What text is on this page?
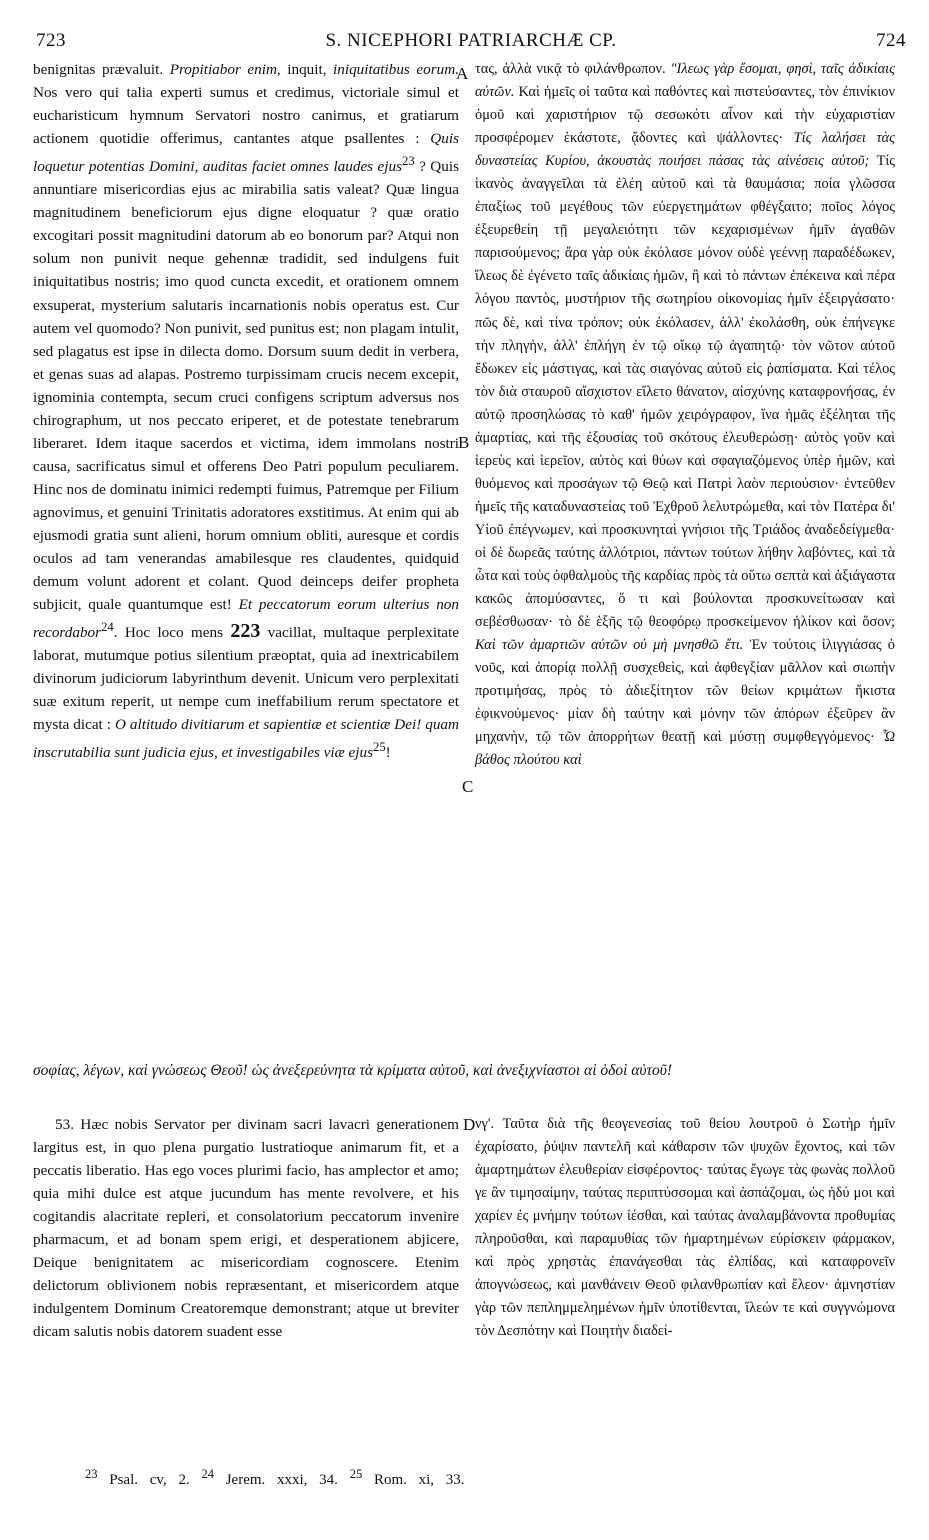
723	S. NICEPHORI PATRIARCHÆ CP.	724

benignitas prævaluit. Propitiabor enim, inquit, iniquitatibus eorum. Nos vero qui talia experti sumus et credimus, victoriale simul et eucharisticum hymnum Servatori nostro canimus, et gratiarum actionem quotidie offerimus, cantantes atque psallentes : Quis loquetur potentias Domini, auditas faciet omnes laudes ejus$^{23}$ ? Quis annuntiare misericordias ejus ac mirabilia satis valeat? Quæ lingua magnitudinem beneficiorum ejus digne eloquatur ? quæ oratio excogitari possit magnitudini datorum ab eo bonorum par? Atqui non solum non punivit neque gehennæ tradidit, sed indulgens fuit iniquitatibus nostris; imo quod cuncta excedit, et orationem omnem exsuperat, mysterium salutaris incarnationis nobis operatus est. Cur autem vel quomodo? Non punivit, sed punitus est; non plagam intulit, sed plagatus est ipse in dilecta domo. Dorsum suum dedit in verbera, et genas suas ad alapas. Postremo turpissimam crucis necem excepit, ignominia contempta, secum cruci configens scriptum adversus nos chirographum, ut nos peccato eriperet, et de potestate tenebrarum liberaret. Idem itaque sacerdos et victima, idem immolans nostri causa, sacrificatus simul et offerens Deo Patri populum peculiarem. Hinc nos de dominatu inimici redempti fuimus, Patremque per Filium agnovimus, et genuini Trinitatis adoratores exstitimus. At enim qui ab ejusmodi gratia sunt alieni, horum omnium obliti, auresque et cordis oculos ad tam venerandas amabilesque res claudentes, quidquid demum volunt adorent et colant. Quod deinceps deifer propheta subjicit, quale quantumque est! Et peccatorum eorum ulterius non recordabor$^{24}$. Hoc loco mens 223 vacillat, multaque perplexitate laborat, mutumque potius silentium præoptat, quia ad inextricabilem divinorum judiciorum labyrinthum devenit. Unicum vero perplexitati suæ exitum reperit, ut nempe cum ineffabilium rerum spectatore et mysta dicat : O altitudo divitiarum et sapientiæ et scientiæ Dei! quam inscrutabilia sunt judicia ejus, et investigabiles viæ ejus$^{25}$!

A
B
C
D

τας, ἀλλὰ νικᾷ τὸ φιλάνθρωπον. "Ιλεως γὰρ ἔσομαι, φησὶ, ταῖς ἀδικίαις αὐτῶν. Καὶ ἡμεῖς οἱ ταῦτα καὶ παθόντες καὶ πιστεύσαντες, τὸν ἐπινίκιον ὁμοῦ καὶ χαριστήριον τῷ σεσωκότι αἶνον καὶ τὴν εὐχαριστίαν προσφέρομεν ἑκάστοτε, ᾄδοντες καὶ ψάλλοντες· Τίς λαλήσει τὰς δυναστείας Κυρίου, ἀκουστὰς ποιήσει πάσας τὰς αἰνέσεις αὐτοῦ; Τίς ἱκανὸς ἀναγγεῖλαι τὰ ἐλέη αὐτοῦ καὶ τὰ θαυμάσια; ποία γλῶσσα ἐπαξίως τοῦ μεγέθους τῶν εὐεργετημάτων φθέγξαιτο; ποῖος λόγος ἐξευρεθείη τῇ μεγαλειότητι τῶν κεχαρισμένων ἡμῖν ἀγαθῶν παρισούμενος; ἄρα γὰρ οὐκ ἐκόλασε μόνον οὐδὲ γεέννῃ παραδέδωκεν, ἵλεως δὲ ἐγένετο ταῖς ἀδικίαις ἡμῶν, ἢ καὶ τὸ πάντων ἐπέκεινα καὶ πέρα λόγου παντὸς, μυστήριον τῆς σωτηρίου οἰκονομίας ἡμῖν ἐξειργάσατο· πῶς δὲ, καὶ τίνα τρόπον; οὐκ ἐκόλασεν, ἀλλ' ἐκολάσθη, οὐκ ἐπήνεγκε τὴν πληγὴν, ἀλλ' ἐπλήγη ἐν τῷ οἴκῳ τῷ ἀγαπητῷ· τὸν νῶτον αὐτοῦ ἔδωκεν εἰς μάστιγας, καὶ τὰς σιαγόνας αὐτοῦ εἰς ῥαπίσματα. Καὶ τέλος τὸν διὰ σταυροῦ αἴσχιστον εἵλετο θάνατον, αἰσχύνης καταφρονήσας, ἐν αὐτῷ προσηλώσας τὸ καθ' ἡμῶν χειρόγραφον, ἵνα ἡμᾶς ἐξέληται τῆς ἁμαρτίας, καὶ τῆς ἐξουσίας τοῦ σκότους ἐλευθερώσῃ· αὐτὸς γοῦν καὶ ἱερεὺς καὶ ἱερεῖον, αὐτὸς καὶ θύων καὶ σφαγιαζόμενος ὑπὲρ ἡμῶν, καὶ θυόμενος καὶ προσάγων τῷ Θεῷ καὶ Πατρὶ λαὸν περιούσιον· ἐντεῦθεν ἡμεῖς τῆς καταδυναστείας τοῦ Ἐχθροῦ λελυτρώμεθα, καὶ τὸν Πατέρα δι' Υἱοῦ ἐπέγνωμεν, καὶ προσκυνηταὶ γνήσιοι τῆς Τριάδος ἀναδεδείγμεθα· οἱ δὲ δωρεᾶς ταύτης ἀλλότριοι, πάντων τούτων λήθην λαβόντες, καὶ τὰ ὦτα καὶ τοὺς ὀφθαλμοὺς τῆς καρδίας πρὸς τὰ οὕτω σεπτὰ καὶ ἀξιάγαστα κακῶς ἀπομύσαντες, ὅ τι καὶ βούλονται προσκυνείτωσαν καὶ σεβέσθωσαν· τὸ δὲ ἑξῆς τῷ θεοφόρῳ προσκείμενον ἡλίκον καὶ ὅσον; Καὶ τῶν ἁμαρτιῶν αὐτῶν οὐ μὴ μνησθῶ ἔτι. Ἐν τούτοις ἰλιγγιάσας ὁ νοῦς, καὶ ἀπορίᾳ πολλῇ συσχεθεὶς, καὶ ἀφθεγξίαν μᾶλλον καὶ σιωπὴν προτιμήσας, πρὸς τὸ ἀδιεξίτητον τῶν θείων κριμάτων ἥκιστα ἐφικνούμενος· μίαν δὴ ταύτην καὶ μόνην τῶν ἀπόρων ἐξεῦρεν ἂν μηχανὴν, τῷ τῶν ἀπορρήτων θεατῇ καὶ μύστῃ συμφθεγγόμενος· Ὦ βάθος πλούτου καὶ

σοφίας, λέγων, καὶ γνώσεως Θεοῦ! ὡς ἀνεξερεύνητα τὰ κρίματα αὐτοῦ, καὶ ἀνεξιχνίαστοι αἱ ὁδοὶ αὐτοῦ!

53. Hæc nobis Servator per divinam sacri lavacri generationem largitus est, in quo plena purgatio lustratioque animarum fit, et a peccatis liberatio. Has ego voces plurimi facio, has amplector et amo; quia mihi dulce est atque jucundum has mente revolvere, et his cogitandis alacritate repleri, et consolatorium peccatorum invenire pharmacum, et ad bonam spem erigi, et desperationem abjicere, Deique benignitatem ac misericordiam cognoscere. Etenim delictorum oblivionem nobis repræsentant, et misericordem atque indulgentem Dominum Creatoremque demonstrant; atque ut breviter dicam salutis nobis datorem suadent esse

νγ'. Ταῦτα διὰ τῆς θεογενεσίας τοῦ θείου λουτροῦ ὁ Σωτὴρ ἡμῖν ἐχαρίσατο, ῥύψιν παντελῆ καὶ κάθαρσιν τῶν ψυχῶν ἔχοντος, καὶ τῶν ἁμαρτημάτων ἐλευθερίαν εἰσφέροντος· ταύτας ἔγωγε τὰς φωνὰς πολλοῦ γε ἂν τιμησαίμην, ταύτας περιπτύσσομαι καὶ ἀσπάζομαι, ὡς ἡδύ μοι καὶ χαρίεν ἐς μνήμην τούτων ἰέσθαι, καὶ ταύτας ἀναλαμβάνοντα προθυμίας πληροῦσθαι, καὶ παραμυθίας τῶν ἡμαρτημένων εὑρίσκειν φάρμακον, καὶ πρὸς χρηστὰς ἐπανάγεσθαι τὰς ἐλπίδας, καὶ καταφρονεῖν ἀπογνώσεως, καὶ μανθάνειν Θεοῦ φιλανθρωπίαν καὶ ἔλεον· ἀμνηστίαν γὰρ τῶν πεπλημμελημένων ἡμῖν ὑποτίθενται, ἵλεών τε καὶ συγγνώμονα τὸν Δεσπότην καὶ Ποιητὴν διαδεί-

$^{23}$ Psal. cv, 2. $^{24}$ Jerem. xxxi, 34. $^{25}$ Rom. xi, 33.
